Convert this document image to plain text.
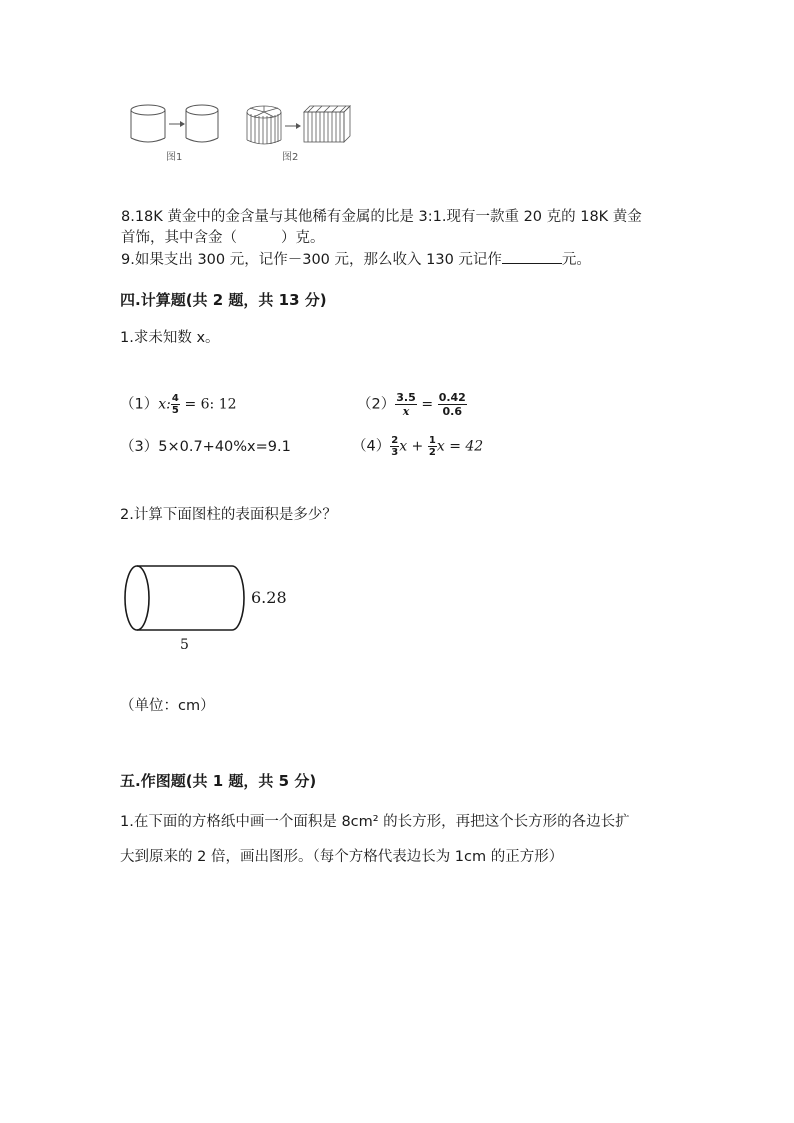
图1	图2
8.18K 黄金中的金含量与其他稀有金属的比是 3:1.现有一款重 20 克的 18K 黄金
首饰，其中含金（	）克。
9.如果支出 300 元，记作－300 元，那么收入 130 元记作	元。
四.计算题(共 2 题，共 13 分)
1.求未知数 x。
（1）x: $\frac{4}{5} = 6$: 12	$(2) \frac{3.5}{x} = \frac{0.42}{0.6}$
（3）5×0.7+40%x=9.1	$(4) \frac{2}{3}$ $x + \frac{1}{2}$ x = 42
2.计算下面图柱的表面积是多少？
6.28
5
（单位：cm）
五.作图题(共 1 题，共 5 分)
1.在下面的方格纸中画一个面积是 8cm² 的长方形，再把这个长方形的各边长扩
大到原来的 2 倍，画出图形。（每个方格代表边长为 1cm 的正方形）
